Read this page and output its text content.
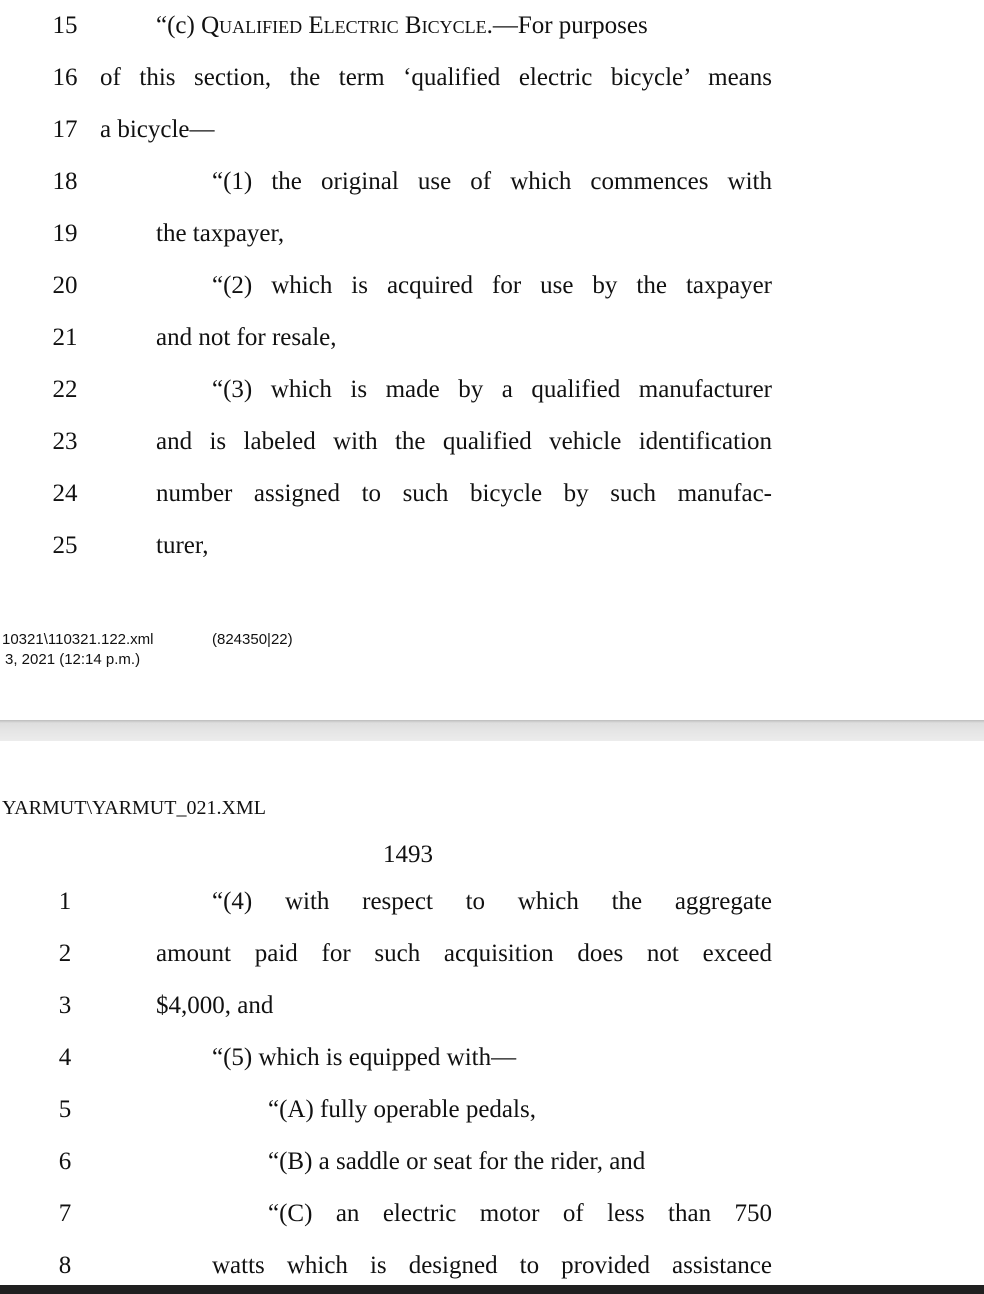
15	“(c) Qualified Electric Bicycle.—For purposes
16 of this section, the term ‘qualified electric bicycle’ means
17 a bicycle—
18	“(1) the original use of which commences with
19	the taxpayer,
20	“(2) which is acquired for use by the taxpayer
21	and not for resale,
22	“(3) which is made by a qualified manufacturer
23	and is labeled with the qualified vehicle identification
24	number assigned to such bicycle by such manufac-
25	turer,
10321\110321.122.xml	(824350|22)
3, 2021 (12:14 p.m.)
YARMUT\YARMUT_021.XML
1493
1	“(4) with respect to which the aggregate
2	amount paid for such acquisition does not exceed
3	$4,000, and
4	“(5) which is equipped with—
5	“(A) fully operable pedals,
6	“(B) a saddle or seat for the rider, and
7	“(C) an electric motor of less than 750
8	watts which is designed to provided assistance
